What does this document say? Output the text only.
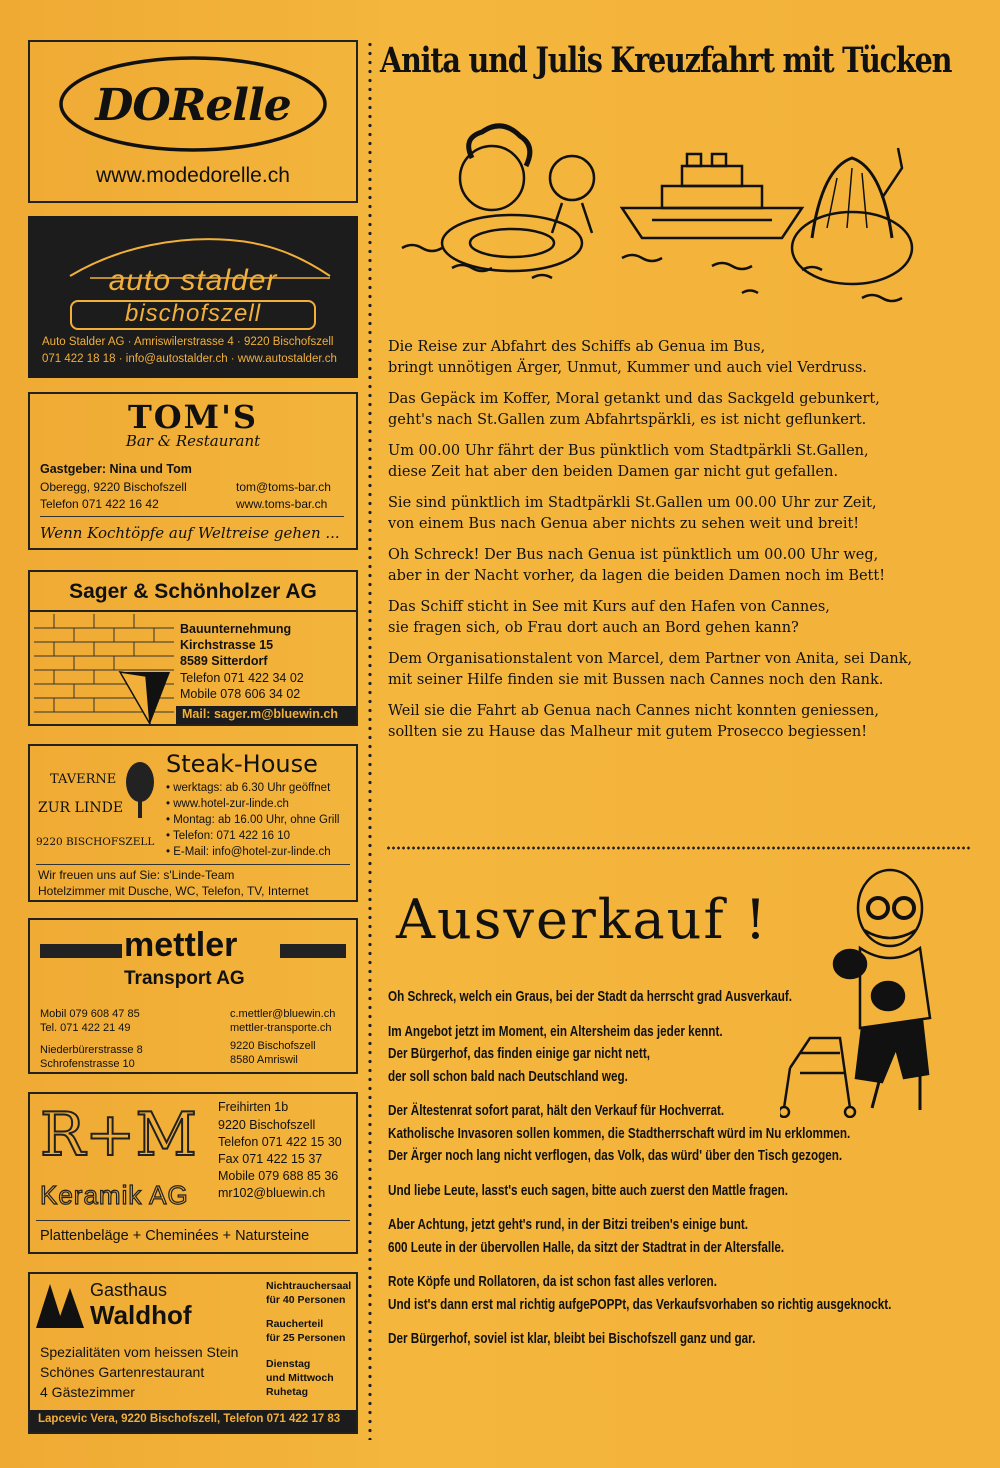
DORelle
www.modedorelle.ch
auto stalder
bischofszell
Auto Stalder AG · Amriswilerstrasse 4 · 9220 Bischofszell
071 422 18 18 · info@autostalder.ch · www.autostalder.ch
TOM'S
Bar & Restaurant
Gastgeber: Nina und Tom
Oberegg, 9220 Bischofszell	tom@toms-bar.ch
Telefon 071 422 16 42	www.toms-bar.ch
Wenn Kochtöpfe auf Weltreise gehen ...
Sager & Schönholzer AG
Bauunternehmung
Kirchstrasse 15
8589 Sitterdorf
Telefon 071 422 34 02
Mobile 078 606 34 02
Mail: sager.m@bluewin.ch
TAVERNE
ZUR LINDE
9220 BISCHOFSZELL
Steak-House
• werktags: ab 6.30 Uhr geöffnet
• www.hotel-zur-linde.ch
• Montag: ab 16.00 Uhr, ohne Grill
• Telefon: 071 422 16 10
• E-Mail: info@hotel-zur-linde.ch
Wir freuen uns auf Sie: s'Linde-Team
Hotelzimmer mit Dusche, WC, Telefon, TV, Internet
mettler
Transport AG
Mobil 079 608 47 85
Tel. 071 422 21 49
c.mettler@bluewin.ch
mettler-transporte.ch
Niederbürerstrasse 8
Schrofenstrasse 10
9220 Bischofszell
8580 Amriswil
R+M
Keramik AG
Freihirten 1b
9220 Bischofszell
Telefon 071 422 15 30
Fax 071 422 15 37
Mobile 079 688 85 36
mr102@bluewin.ch
Plattenbeläge + Cheminées + Natursteine
Gasthaus
Waldhof
Spezialitäten vom heissen Stein
Schönes Gartenrestaurant
4 Gästezimmer
Nichtrauchersaal
für 40 Personen
Raucherteil
für 25 Personen
Dienstag
und Mittwoch
Ruhetag
Lapcevic Vera, 9220 Bischofszell, Telefon 071 422 17 83
Anita und Julis Kreuzfahrt mit Tücken
Die Reise zur Abfahrt des Schiffs ab Genua im Bus,
bringt unnötigen Ärger, Unmut, Kummer und auch viel Verdruss.
Das Gepäck im Koffer, Moral getankt und das Sackgeld gebunkert,
geht's nach St.Gallen zum Abfahrtspärkli, es ist nicht geflunkert.
Um 00.00 Uhr fährt der Bus pünktlich vom Stadtpärkli St.Gallen,
diese Zeit hat aber den beiden Damen gar nicht gut gefallen.
Sie sind pünktlich im Stadtpärkli St.Gallen um 00.00 Uhr zur Zeit,
von einem Bus nach Genua aber nichts zu sehen weit und breit!
Oh Schreck! Der Bus nach Genua ist pünktlich um 00.00 Uhr weg,
aber in der Nacht vorher, da lagen die beiden Damen noch im Bett!
Das Schiff sticht in See mit Kurs auf den Hafen von Cannes,
sie fragen sich, ob Frau dort auch an Bord gehen kann?
Dem Organisationstalent von Marcel, dem Partner von Anita, sei Dank,
mit seiner Hilfe finden sie mit Bussen nach Cannes noch den Rank.
Weil sie die Fahrt ab Genua nach Cannes nicht konnten geniessen,
sollten sie zu Hause das Malheur mit gutem Prosecco begiessen!
Ausverkauf !
Oh Schreck, welch ein Graus, bei der Stadt da herrscht grad Ausverkauf.
Im Angebot jetzt im Moment, ein Altersheim das jeder kennt.
Der Bürgerhof, das finden einige gar nicht nett,
der soll schon bald nach Deutschland weg.
Der Ältestenrat sofort parat, hält den Verkauf für Hochverrat.
Katholische Invasoren sollen kommen, die Stadtherrschaft würd im Nu erklommen.
Der Ärger noch lang nicht verflogen, das Volk, das würd' über den Tisch gezogen.
Und liebe Leute, lasst's euch sagen, bitte auch zuerst den Mattle fragen.
Aber Achtung, jetzt geht's rund, in der Bitzi treiben's einige bunt.
600 Leute in der übervollen Halle, da sitzt der Stadtrat in der Altersfalle.
Rote Köpfe und Rollatoren, da ist schon fast alles verloren.
Und ist's dann erst mal richtig aufgePOPPt, das Verkaufsvorhaben so richtig ausgeknockt.
Der Bürgerhof, soviel ist klar, bleibt bei Bischofszell ganz und gar.
